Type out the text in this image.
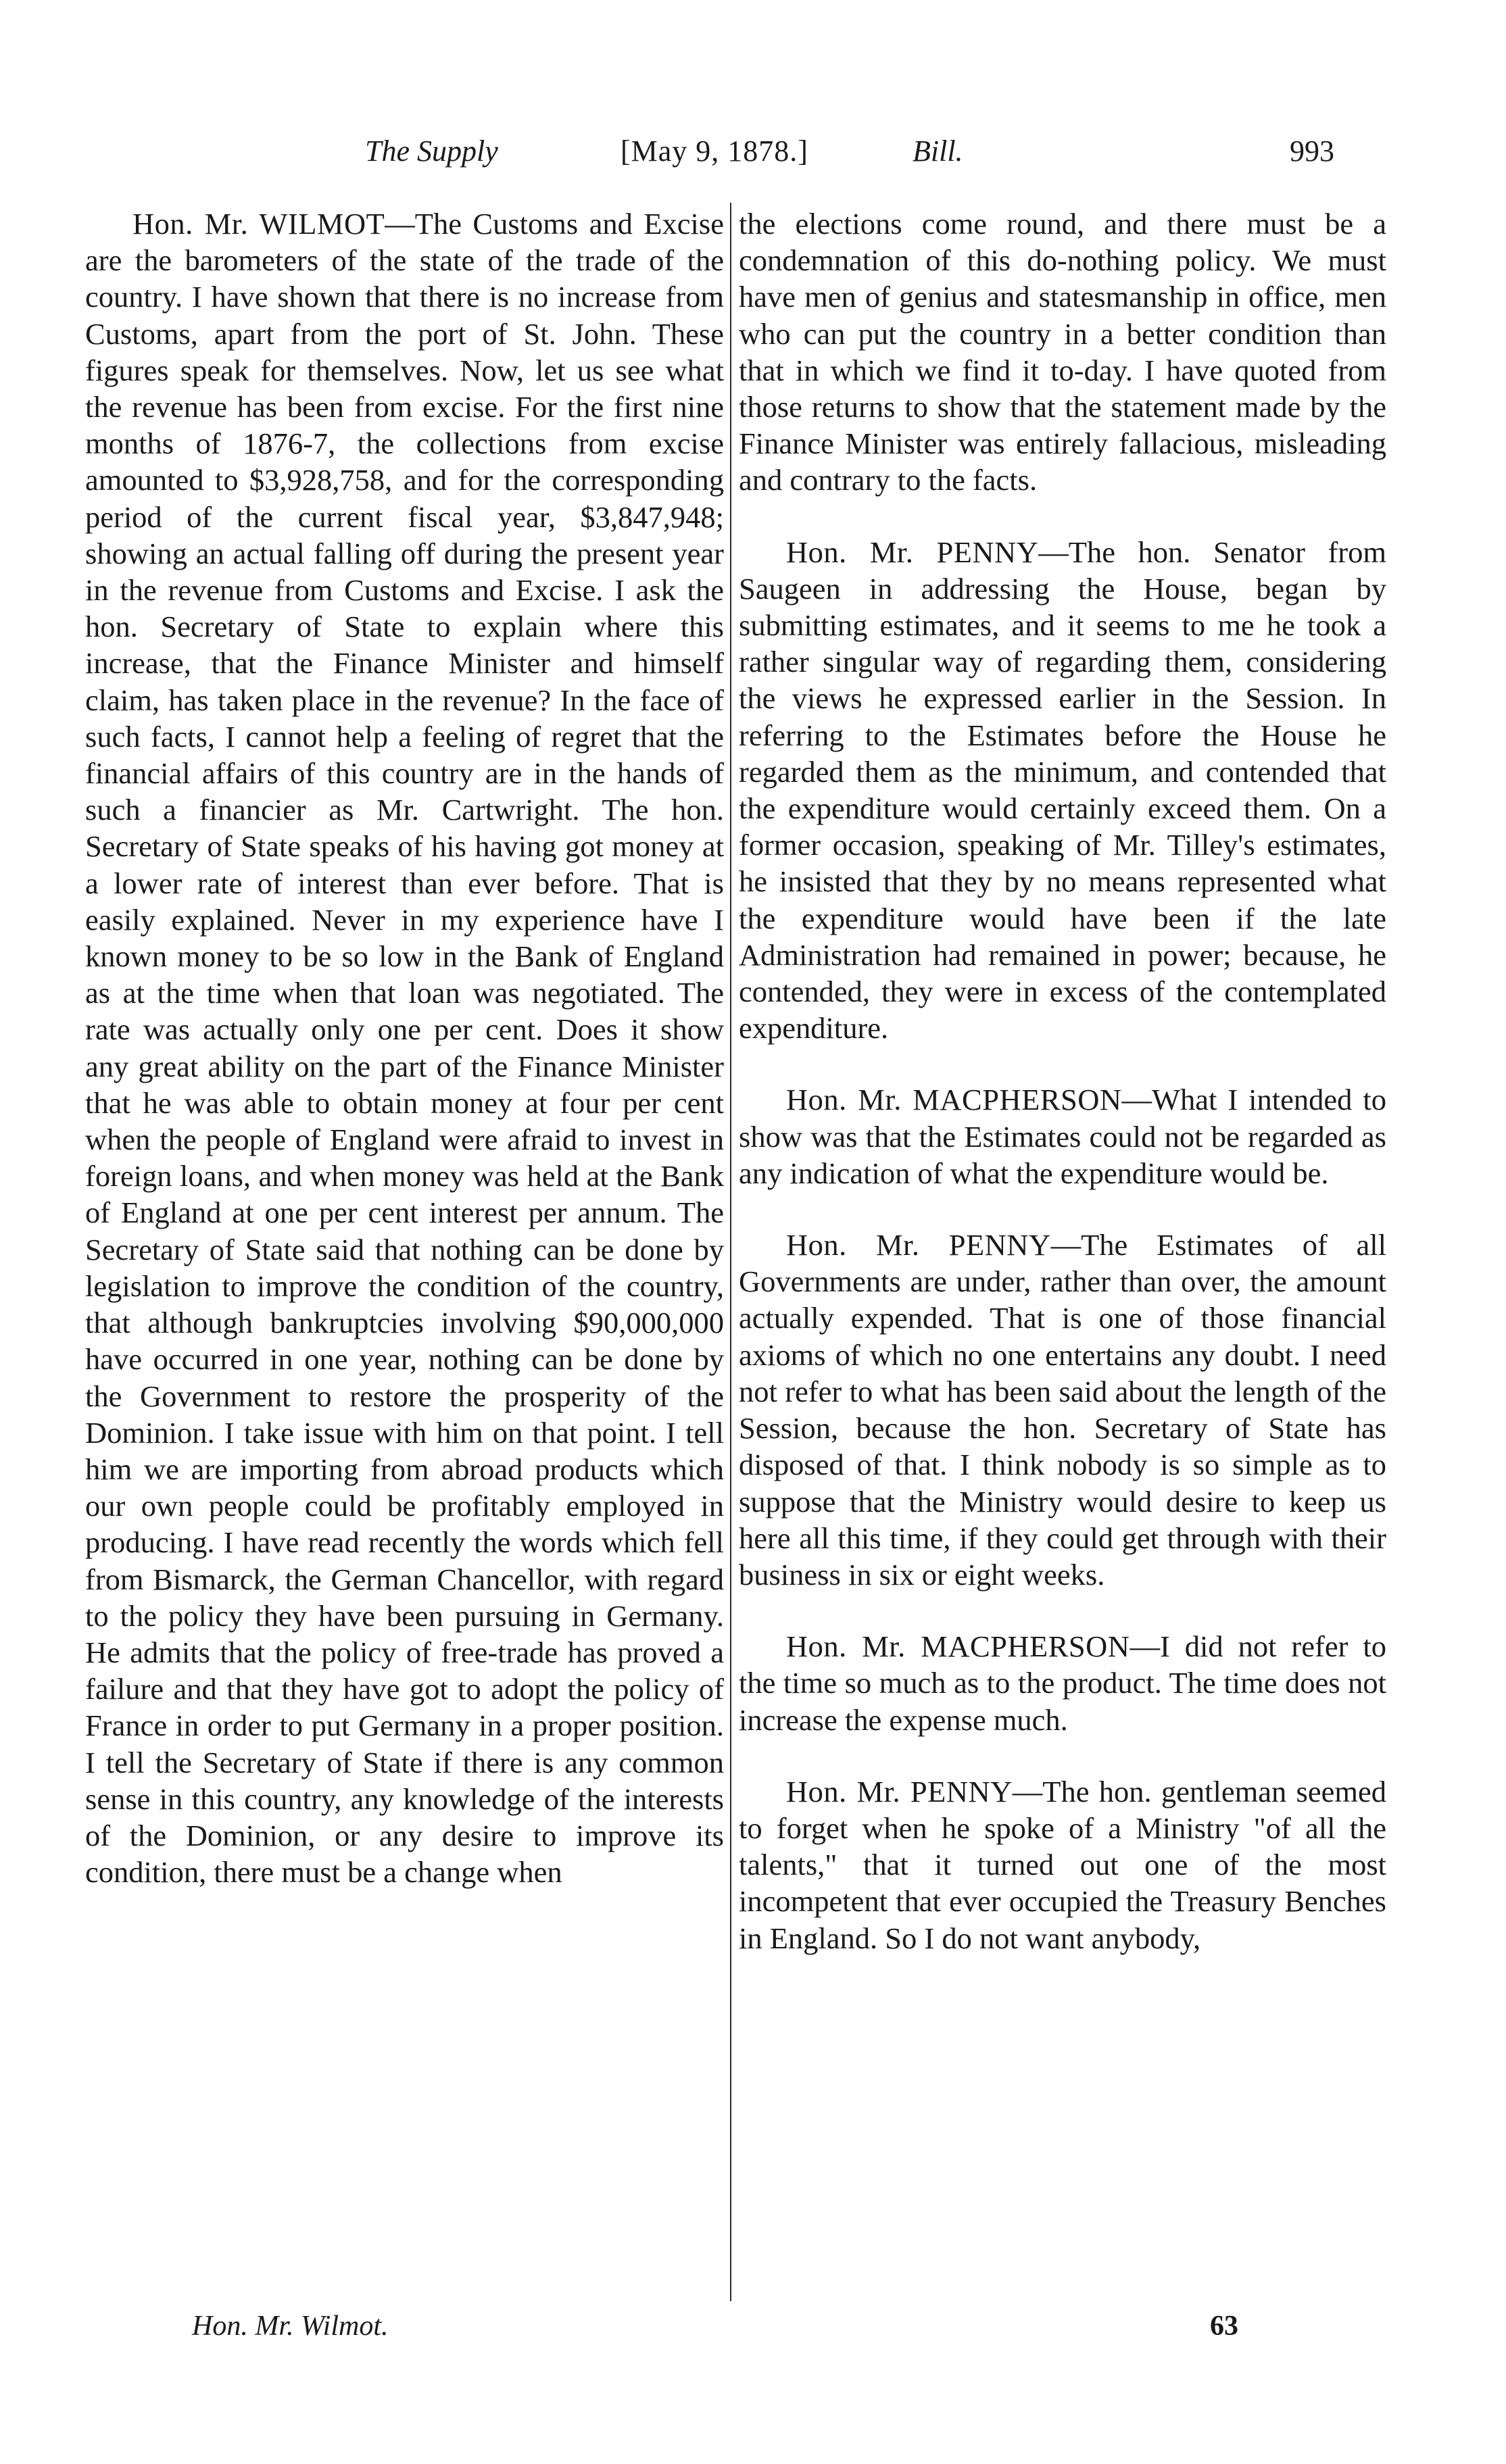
The Supply	[May 9, 1878.]	Bill.	993

Hon. Mr. WILMOT—The Customs and Excise are the barometers of the state of the trade of the country. I have shown that there is no increase from Customs, apart from the port of St. John. These figures speak for themselves. Now, let us see what the revenue has been from excise. For the first nine months of 1876-7, the collections from excise amounted to $3,928,758, and for the corresponding period of the current fiscal year, $3,847,948; showing an actual falling off during the present year in the revenue from Customs and Excise. I ask the hon. Secretary of State to explain where this increase, that the Finance Minister and himself claim, has taken place in the revenue? In the face of such facts, I cannot help a feeling of regret that the financial affairs of this country are in the hands of such a financier as Mr. Cartwright. The hon. Secretary of State speaks of his having got money at a lower rate of interest than ever before. That is easily explained. Never in my experience have I known money to be so low in the Bank of England as at the time when that loan was negotiated. The rate was actually only one per cent. Does it show any great ability on the part of the Finance Minister that he was able to obtain money at four per cent when the people of England were afraid to invest in foreign loans, and when money was held at the Bank of England at one per cent interest per annum. The Secretary of State said that nothing can be done by legislation to improve the condition of the country, that although bankruptcies involving $90,000,000 have occurred in one year, nothing can be done by the Government to restore the prosperity of the Dominion. I take issue with him on that point. I tell him we are importing from abroad products which our own people could be profitably employed in producing. I have read recently the words which fell from Bismarck, the German Chancellor, with regard to the policy they have been pursuing in Germany. He admits that the policy of free-trade has proved a failure and that they have got to adopt the policy of France in order to put Germany in a proper position. I tell the Secretary of State if there is any common sense in this country, any knowledge of the interests of the Dominion, or any desire to improve its condition, there must be a change when

the elections come round, and there must be a condemnation of this do-nothing policy. We must have men of genius and statesmanship in office, men who can put the country in a better condition than that in which we find it to-day. I have quoted from those returns to show that the statement made by the Finance Minister was entirely fallacious, misleading and contrary to the facts.

Hon. Mr. PENNY—The hon. Senator from Saugeen in addressing the House, began by submitting estimates, and it seems to me he took a rather singular way of regarding them, considering the views he expressed earlier in the Session. In referring to the Estimates before the House he regarded them as the minimum, and contended that the expenditure would certainly exceed them. On a former occasion, speaking of Mr. Tilley's estimates, he insisted that they by no means represented what the expenditure would have been if the late Administration had remained in power; because, he contended, they were in excess of the contemplated expenditure.

Hon. Mr. MACPHERSON—What I intended to show was that the Estimates could not be regarded as any indication of what the expenditure would be.

Hon. Mr. PENNY—The Estimates of all Governments are under, rather than over, the amount actually expended. That is one of those financial axioms of which no one entertains any doubt. I need not refer to what has been said about the length of the Session, because the hon. Secretary of State has disposed of that. I think nobody is so simple as to suppose that the Ministry would desire to keep us here all this time, if they could get through with their business in six or eight weeks.

Hon. Mr. MACPHERSON—I did not refer to the time so much as to the product. The time does not increase the expense much.

Hon. Mr. PENNY—The hon. gentleman seemed to forget when he spoke of a Ministry "of all the talents," that it turned out one of the most incompetent that ever occupied the Treasury Benches in England. So I do not want anybody,

Hon. Mr. Wilmot.	63
